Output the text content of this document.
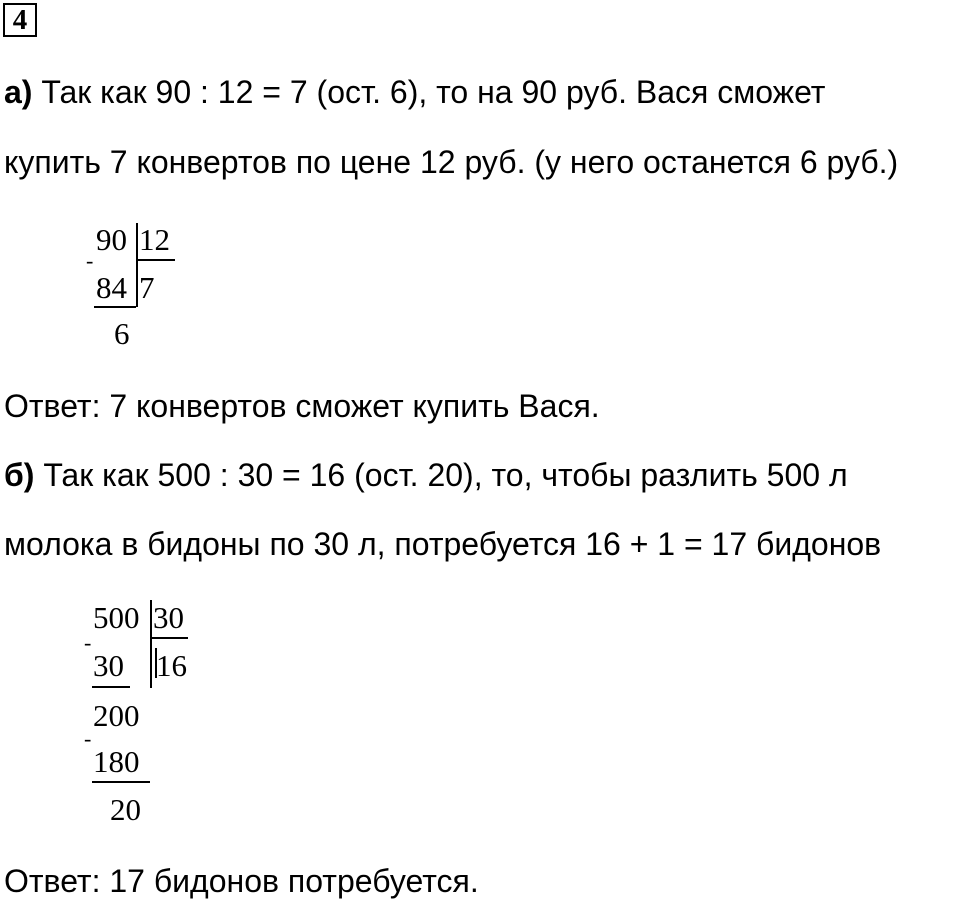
4
а) Так как 90 : 12 = 7 (ост. 6), то на 90 руб. Вася сможет
купить 7 конвертов по цене 12 руб. (у него останется 6 руб.)
90 12
-
84 7
6
Ответ: 7 конвертов сможет купить Вася.
б) Так как 500 : 30 = 16 (ост. 20), то, чтобы разлить 500 л
молока в бидоны по 30 л, потребуется 16 + 1 = 17 бидонов
500 30
-
30 16
200
-
180
20
Ответ: 17 бидонов потребуется.
